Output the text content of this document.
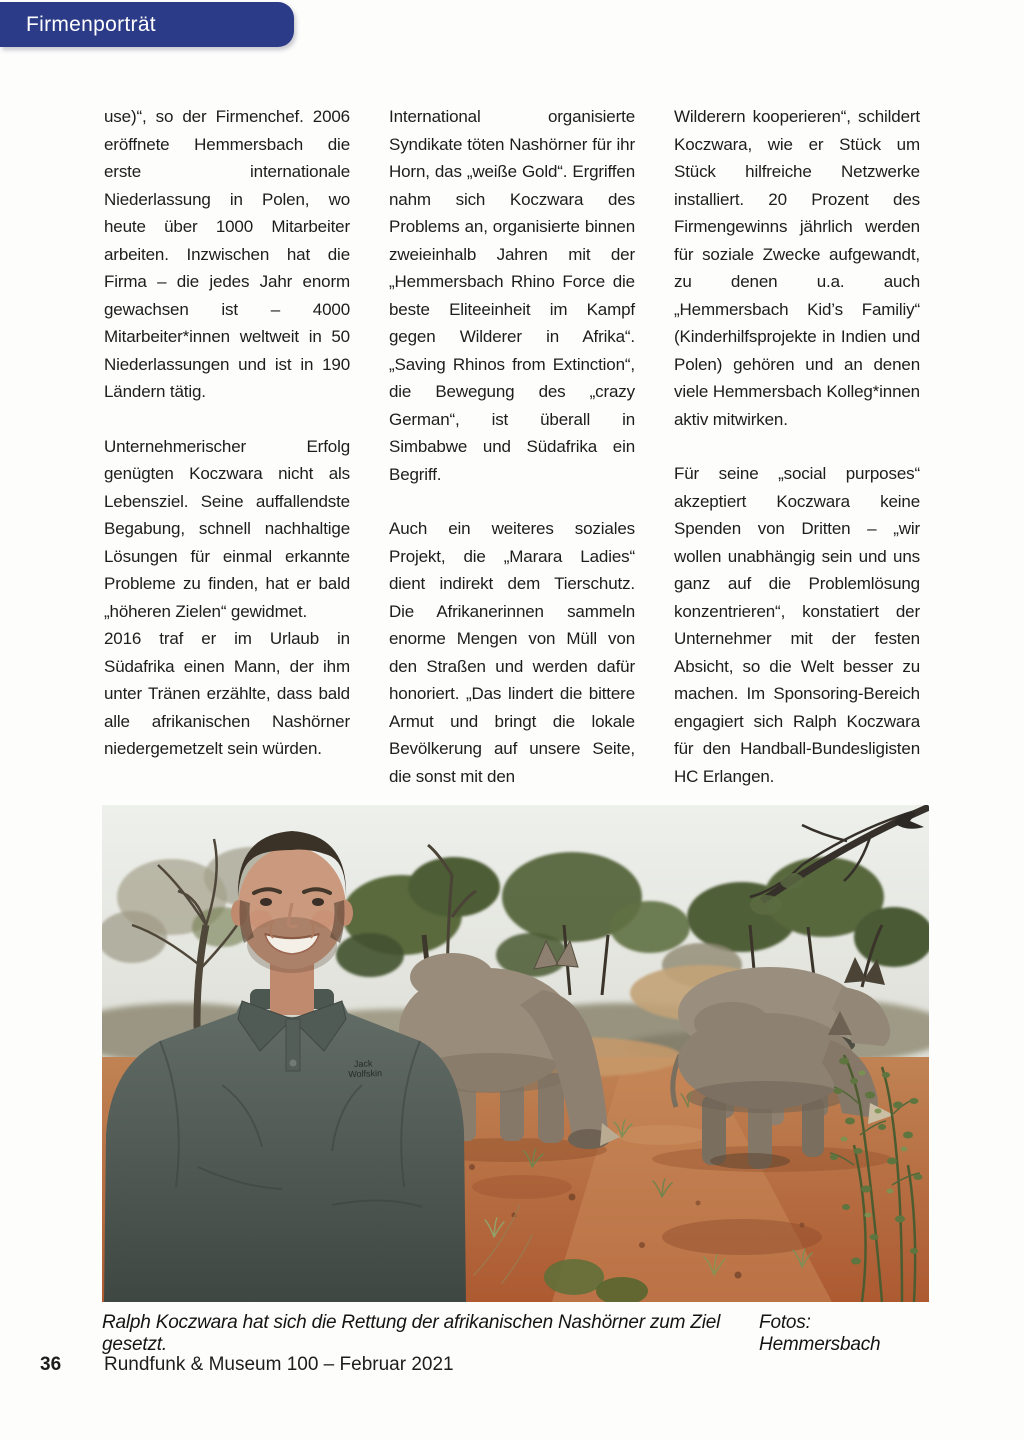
Firmenporträt

use)“, so der Firmenchef. 2006 eröffnete Hemmersbach die erste internationale Niederlassung in Polen, wo heute über 1000 Mitarbeiter arbeiten. Inzwischen hat die Firma – die jedes Jahr enorm gewachsen ist – 4000 Mitarbeiter*innen weltweit in 50 Niederlassungen und ist in 190 Ländern tätig.

Unternehmerischer Erfolg genügten Koczwara nicht als Lebensziel. Seine auffallendste Begabung, schnell nachhaltige Lösungen für einmal erkannte Probleme zu finden, hat er bald „höheren Zielen“ gewidmet.

2016 traf er im Urlaub in Südafrika einen Mann, der ihm unter Tränen erzählte, dass bald alle afrikanischen Nashörner niedergemetzelt sein würden.

International organisierte Syndikate töten Nashörner für ihr Horn, das „weiße Gold“. Ergriffen nahm sich Koczwara des Problems an, organisierte binnen zweieinhalb Jahren mit der „Hemmersbach Rhino Force die beste Eliteeinheit im Kampf gegen Wilderer in Afrika“. „Saving Rhinos from Extinction“, die Bewegung des „crazy German“, ist überall in Simbabwe und Südafrika ein Begriff.

Auch ein weiteres soziales Projekt, die „Marara Ladies“ dient indirekt dem Tierschutz. Die Afrikanerinnen sammeln enorme Mengen von Müll von den Straßen und werden dafür honoriert. „Das lindert die bittere Armut und bringt die lokale Bevölkerung auf unsere Seite, die sonst mit den

Wilderern kooperieren“, schildert Koczwara, wie er Stück um Stück hilfreiche Netzwerke installiert. 20 Prozent des Firmengewinns jährlich werden für soziale Zwecke aufgewandt, zu denen u.a. auch „Hemmersbach Kid’s Familiy“ (Kinderhilfsprojekte in Indien und Polen) gehören und an denen viele Hemmersbach Kolleg*innen aktiv mitwirken.

Für seine „social purposes“ akzeptiert Koczwara keine Spenden von Dritten – „wir wollen unabhängig sein und uns ganz auf die Problemlösung konzentrieren“, konstatiert der Unternehmer mit der festen Absicht, so die Welt besser zu machen. Im Sponsoring-Bereich engagiert sich Ralph Koczwara für den Handball-Bundesligisten HC Erlangen.

Jack Wolfskin
Ralph Koczwara hat sich die Rettung der afrikanischen Nashörner zum Ziel gesetzt.
Fotos: Hemmersbach
36 Rundfunk & Museum 100 – Februar 2021
